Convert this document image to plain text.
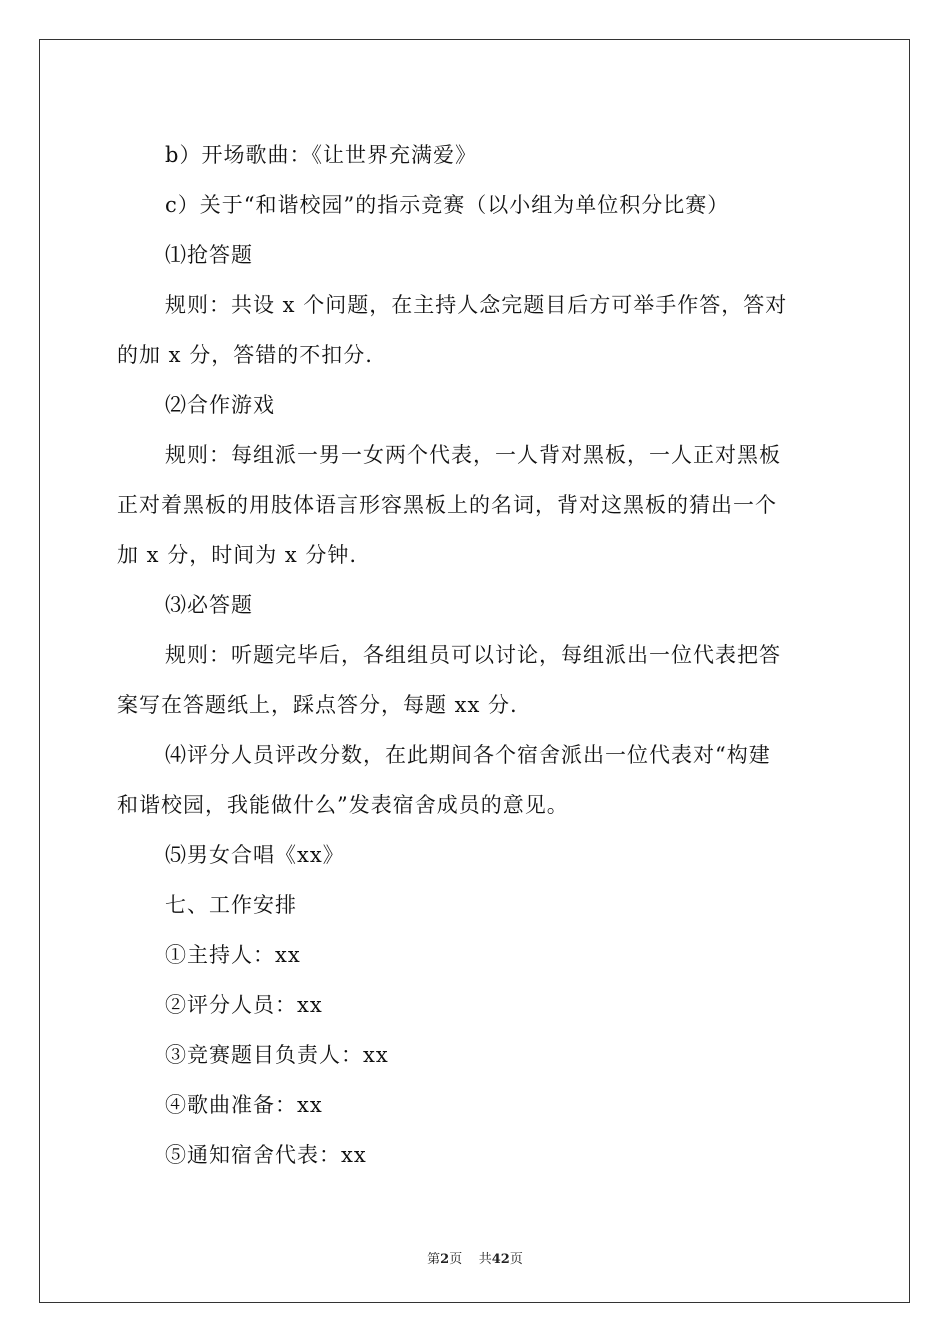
b）开场歌曲：《让世界充满爱》

c）关于“和谐校园”的指示竞赛（以小组为单位积分比赛）

⑴抢答题

规则：共设 x 个问题，在主持人念完题目后方可举手作答，答对

的加 x 分，答错的不扣分.

⑵合作游戏

规则：每组派一男一女两个代表，一人背对黑板，一人正对黑板

正对着黑板的用肢体语言形容黑板上的名词，背对这黑板的猜出一个

加 x 分，时间为 x 分钟.

⑶必答题

规则：听题完毕后，各组组员可以讨论，每组派出一位代表把答

案写在答题纸上，踩点答分，每题 xx 分.

⑷评分人员评改分数，在此期间各个宿舍派出一位代表对“构建

和谐校园，我能做什么”发表宿舍成员的意见。

⑸男女合唱《xx》

七、工作安排

①主持人：xx

②评分人员：xx

③竞赛题目负责人：xx

④歌曲准备：xx

⑤通知宿舍代表：xx

第2页 共42页
